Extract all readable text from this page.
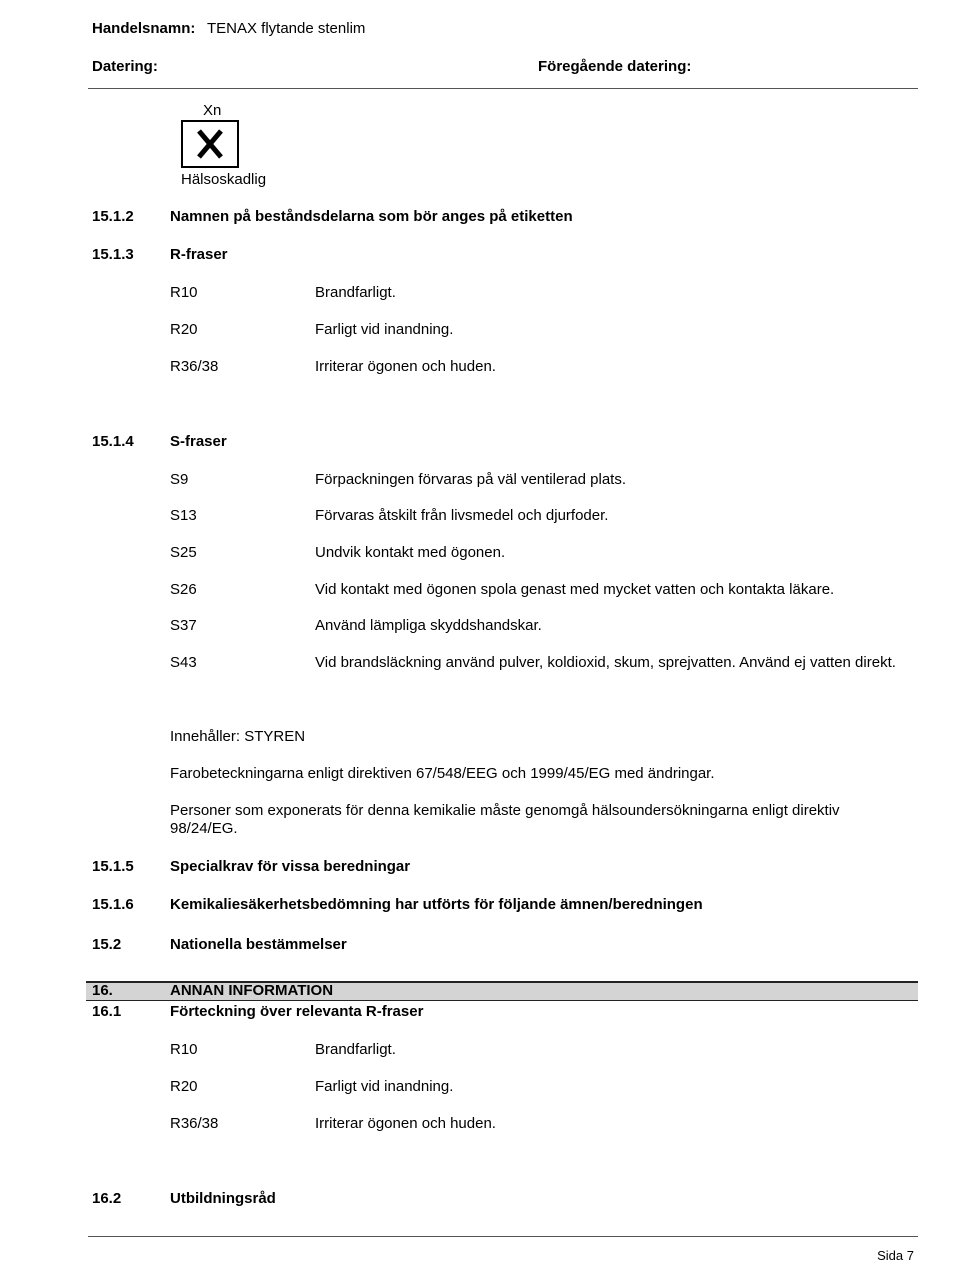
Handelsnamn: TENAX flytande stenlim
Datering:	Föregående datering:
Xn
Hälsoskadlig
15.1.2 Namnen på beståndsdelarna som bör anges på etiketten
15.1.3 R-fraser
R10	Brandfarligt.
R20	Farligt vid inandning.
R36/38	Irriterar ögonen och huden.
15.1.4 S-fraser
S9	Förpackningen förvaras på väl ventilerad plats.
S13	Förvaras åtskilt från livsmedel och djurfoder.
S25	Undvik kontakt med ögonen.
S26	Vid kontakt med ögonen spola genast med mycket vatten och kontakta läkare.
S37	Använd lämpliga skyddshandskar.
S43	Vid brandsläckning använd pulver, koldioxid, skum, sprejvatten. Använd ej vatten direkt.
Innehåller: STYREN
Farobeteckningarna enligt direktiven 67/548/EEG och 1999/45/EG med ändringar.
Personer som exponerats för denna kemikalie måste genomgå hälsoundersökningarna enligt direktiv 98/24/EG.
15.1.5 Specialkrav för vissa beredningar
15.1.6 Kemikaliesäkerhetsbedömning har utförts för följande ämnen/beredningen
15.2	Nationella bestämmelser
16.	ANNAN INFORMATION
16.1	Förteckning över relevanta R-fraser
R10	Brandfarligt.
R20	Farligt vid inandning.
R36/38	Irriterar ögonen och huden.
16.2	Utbildningsråd
Sida 7
